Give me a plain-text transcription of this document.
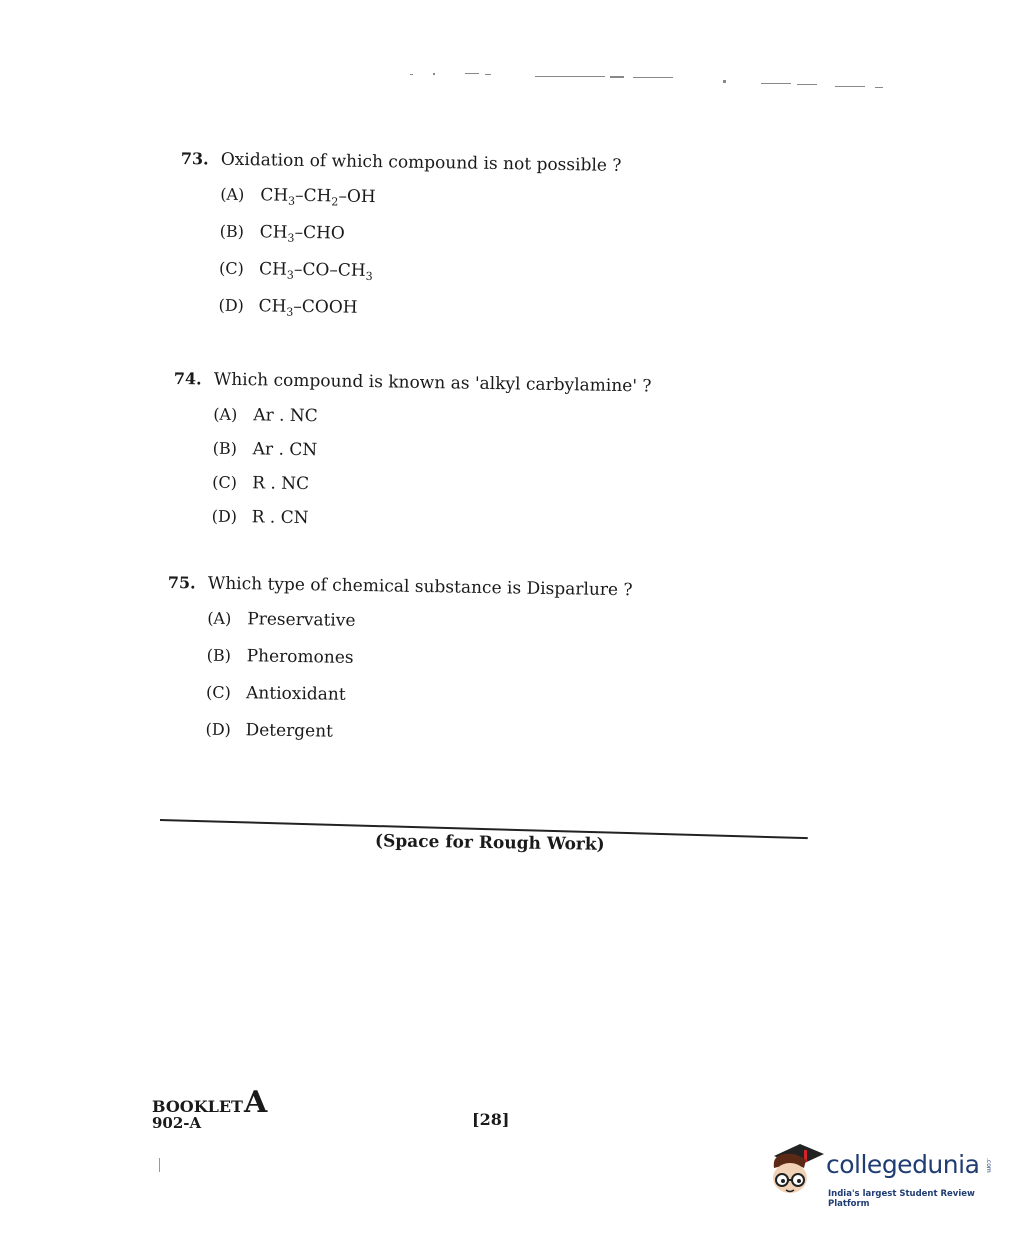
73. Oxidation of which compound is not possible ?
(A) $CH_3-CH_2-OH$
(B) $CH_3$–CHO
(C) $CH_3-CO-CH_3$
(D) $CH_3$–COOH
74. Which compound is known as 'alkyl carbylamine' ?
(A) Ar . NC
(B) Ar . CN
(C) R . NC
(D) R . CN
75. Which type of chemical substance is Disparlure ?
(A) Preservative
(B) Pheromones
(C) Antioxidant
(D) Detergent
(Space for Rough Work)
BOOKLETA
902-A	[28]
collegedunia .com
India's largest Student Review Platform
